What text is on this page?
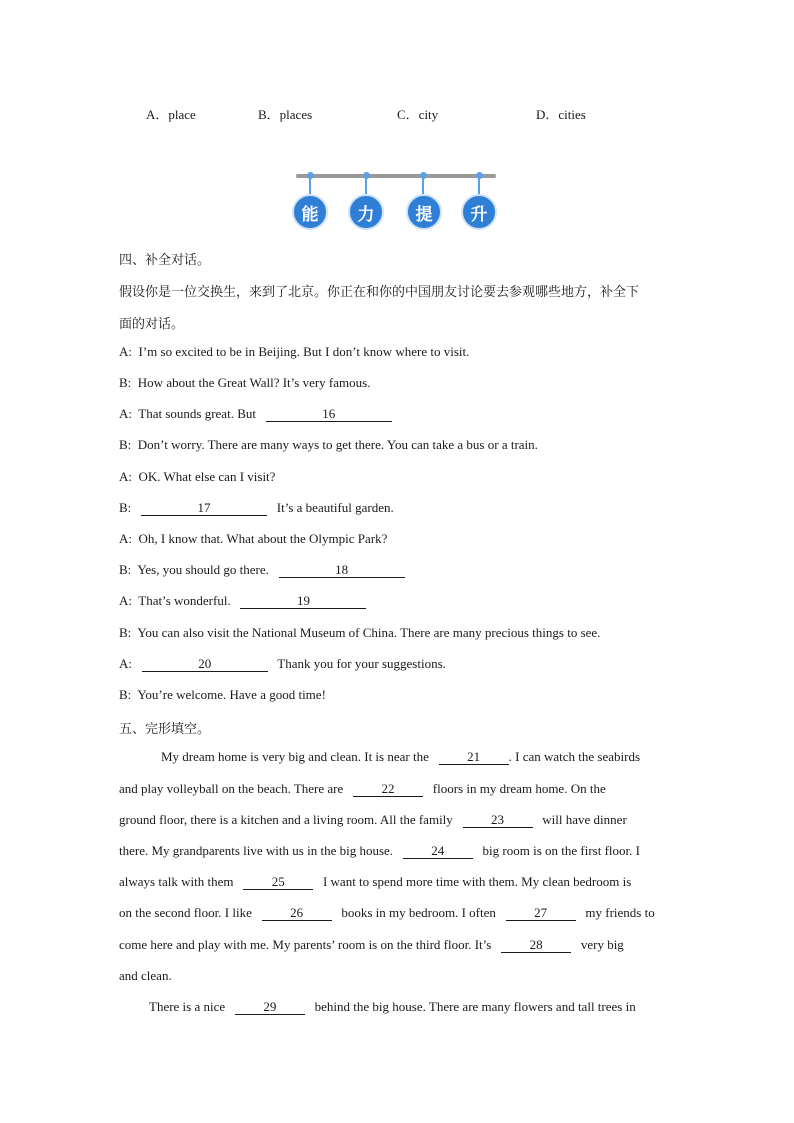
A．place	B．places	C．city	D．cities
能	力	提	升
四、补全对话。
假设你是一位交换生，来到了北京。你正在和你的中国朋友讨论要去参观哪些地方，补全下
面的对话。
A: I’m so excited to be in Beijing. But I don’t know where to visit.
B: How about the Great Wall? It’s very famous.
A: That sounds great. But	16
B: Don’t worry. There are many ways to get there. You can take a bus or a train.
A: OK. What else can I visit?
B:	17	It’s a beautiful garden.
A: Oh, I know that. What about the Olympic Park?
B: Yes, you should go there.	18
A: That’s wonderful.	19
B: You can also visit the National Museum of China. There are many precious things to see.
A:	20	Thank you for your suggestions.
B: You’re welcome. Have a good time!
五、完形填空。
My dream home is very big and clean. It is near the	21 . I can watch the seabirds
and play volleyball on the beach. There are	22	floors in my dream home. On the
ground floor, there is a kitchen and a living room. All the family	23	will have dinner
there. My grandparents live with us in the big house.	24	big room is on the first floor. I
always talk with them	25	I want to spend more time with them. My clean bedroom is
on the second floor. I like	26	books in my bedroom. I often	27	my friends to
come here and play with me. My parents’ room is on the third floor. It’s	28	very big
and clean.
There is a nice	29	behind the big house. There are many flowers and tall trees in
